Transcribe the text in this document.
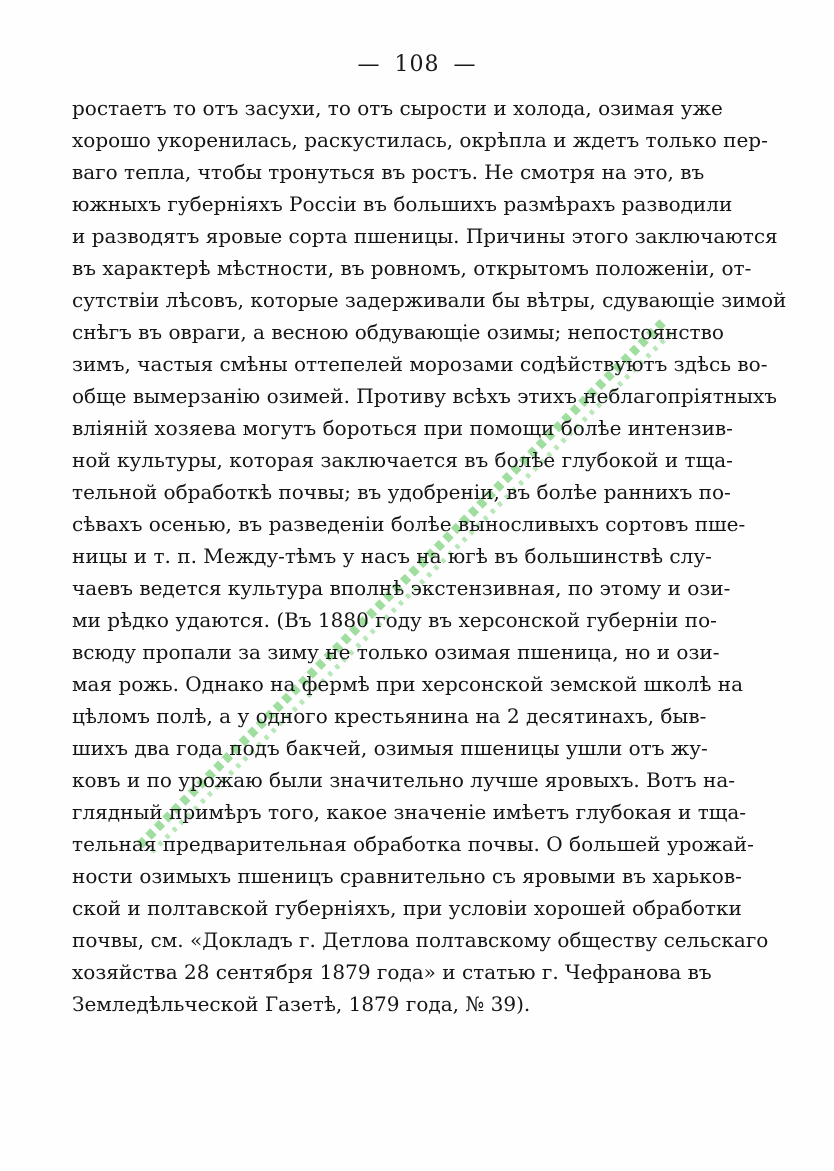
— 108 —
ростаетъ то отъ засухи, то отъ сырости и холода, озимая уже
хорошо укоренилась, раскустилась, окрѣпла и ждетъ только пер-
ваго тепла, чтобы тронуться въ ростъ. Не смотря на это, въ
южныхъ губерніяхъ Россіи въ большихъ размѣрахъ разводили
и разводятъ яровые сорта пшеницы. Причины этого заключаются
въ характерѣ мѣстности, въ ровномъ, открытомъ положеніи, от-
сутствіи лѣсовъ, которые задерживали бы вѣтры, сдувающіе зимой
снѣгъ въ овраги, а весною обдувающіе озимы; непостоянство
зимъ, частыя смѣны оттепелей морозами содѣйствуютъ здѣсь во-
обще вымерзанію озимей. Противу всѣхъ этихъ неблагопріятныхъ
вліяній хозяева могутъ бороться при помощи болѣе интензив-
ной культуры, которая заключается въ болѣе глубокой и тща-
тельной обработкѣ почвы; въ удобреніи, въ болѣе раннихъ по-
сѣвахъ осенью, въ разведеніи болѣе выносливыхъ сортовъ пше-
ницы и т. п. Между-тѣмъ у насъ на югѣ въ большинствѣ слу-
чаевъ ведется культура вполнѣ экстензивная, по этому и ози-
ми рѣдко удаются. (Въ 1880 году въ херсонской губерніи по-
всюду пропали за зиму не только озимая пшеница, но и ози-
мая рожь. Однако на фермѣ при херсонской земской школѣ на
цѣломъ полѣ, а у одного крестьянина на 2 десятинахъ, быв-
шихъ два года подъ бакчей, озимыя пшеницы ушли отъ жу-
ковъ и по урожаю были значительно лучше яровыхъ. Вотъ на-
глядный примѣръ того, какое значеніе имѣетъ глубокая и тща-
тельная предварительная обработка почвы. О большей урожай-
ности озимыхъ пшеницъ сравнительно съ яровыми въ харьков-
ской и полтавской губерніяхъ, при условіи хорошей обработки
почвы, см. «Докладъ г. Детлова полтавскому обществу сельскаго
хозяйства 28 сентября 1879 года» и статью г. Чефранова въ
Земледѣльческой Газетѣ, 1879 года, № 39).
